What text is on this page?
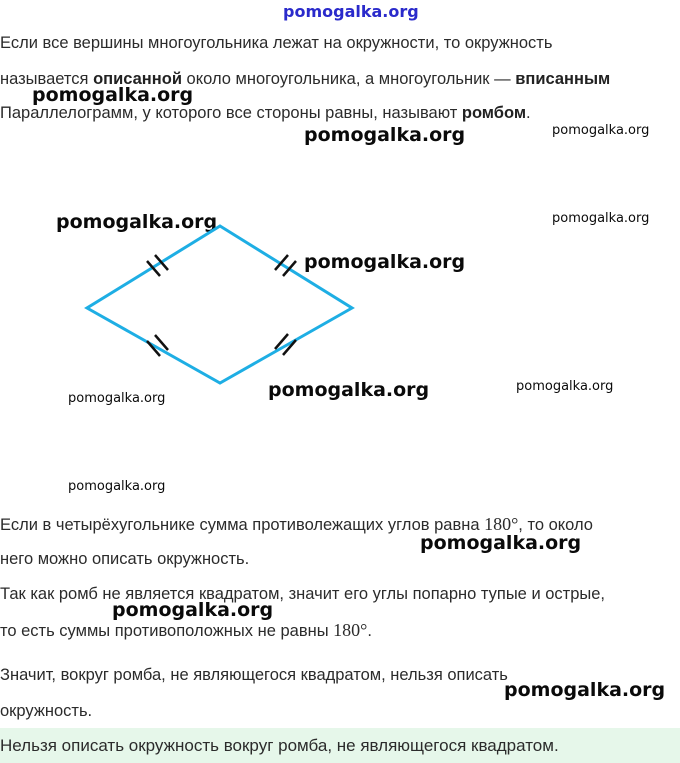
pomogalka.org
pomogalka.org
pomogalka.org	pomogalka.org
pomogalka.org	pomogalka.org
pomogalka.org
pomogalka.org	pomogalka.org
pomogalka.org
pomogalka.org
pomogalka.org
pomogalka.org
pomogalka.org
Если все вершины многоугольника лежат на окружности, то окружность
называется описанной около многоугольника, а многоугольник — вписанным
Параллелограмм, у которого все стороны равны, называют ромбом.
Если в четырёхугольнике сумма противолежащих углов равна 180°, то около
него можно описать окружность.
Так как ромб не является квадратом, значит его углы попарно тупые и острые,
то есть суммы противоположных не равны 180°.
Значит, вокруг ромба, не являющегося квадратом, нельзя описать
окружность.
Нельзя описать окружность вокруг ромба, не являющегося квадратом.
